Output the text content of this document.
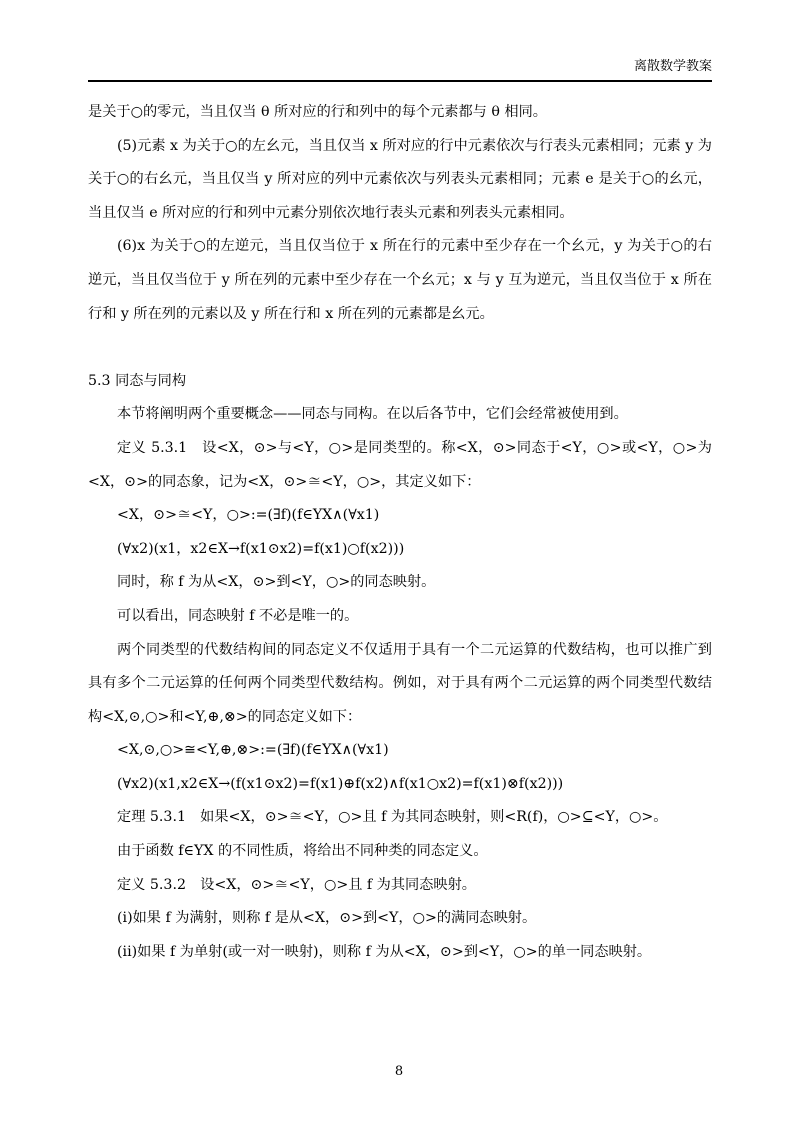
离散数学教案

是关于○的零元，当且仅当 θ 所对应的行和列中的每个元素都与 θ 相同。

(5)元素 x 为关于○的左幺元，当且仅当 x 所对应的行中元素依次与行表头元素相同；元素 y 为关于○的右幺元，当且仅当 y 所对应的列中元素依次与列表头元素相同；元素 e 是关于○的幺元，当且仅当 e 所对应的行和列中元素分别依次地行表头元素和列表头元素相同。

(6)x 为关于○的左逆元，当且仅当位于 x 所在行的元素中至少存在一个幺元，y 为关于○的右逆元，当且仅当位于 y 所在列的元素中至少存在一个幺元；x 与 y 互为逆元，当且仅当位于 x 所在行和 y 所在列的元素以及 y 所在行和 x 所在列的元素都是幺元。

5.3 同态与同构

本节将阐明两个重要概念——同态与同构。在以后各节中，它们会经常被使用到。

定义 5.3.1　设<X，⊙>与<Y，○>是同类型的。称<X，⊙>同态于<Y，○>或<Y，○>为<X，⊙>的同态象，记为<X，⊙>≅<Y，○>，其定义如下：

<X，⊙>≅<Y，○>:=(∃f)(f∈YX∧(∀x1)

(∀x2)(x1，x2∈X→f(x1⊙x2)=f(x1)○f(x2)))

同时，称 f 为从<X，⊙>到<Y，○>的同态映射。

可以看出，同态映射 f 不必是唯一的。

两个同类型的代数结构间的同态定义不仅适用于具有一个二元运算的代数结构，也可以推广到具有多个二元运算的任何两个同类型代数结构。例如，对于具有两个二元运算的两个同类型代数结构<X,⊙,○>和<Y,⊕,⊗>的同态定义如下：

<X,⊙,○>≅<Y,⊕,⊗>:=(∃f)(f∈YX∧(∀x1)

(∀x2)(x1,x2∈X→(f(x1⊙x2)=f(x1)⊕f(x2)∧f(x1○x2)=f(x1)⊗f(x2)))

定理 5.3.1　如果<X，⊙>≅<Y，○>且 f 为其同态映射，则<R(f)，○>⊆<Y，○>。

由于函数 f∈YX 的不同性质，将给出不同种类的同态定义。

定义 5.3.2　设<X，⊙>≅<Y，○>且 f 为其同态映射。

(i)如果 f 为满射，则称 f 是从<X，⊙>到<Y，○>的满同态映射。

(ii)如果 f 为单射(或一对一映射)，则称 f 为从<X，⊙>到<Y，○>的单一同态映射。

8
